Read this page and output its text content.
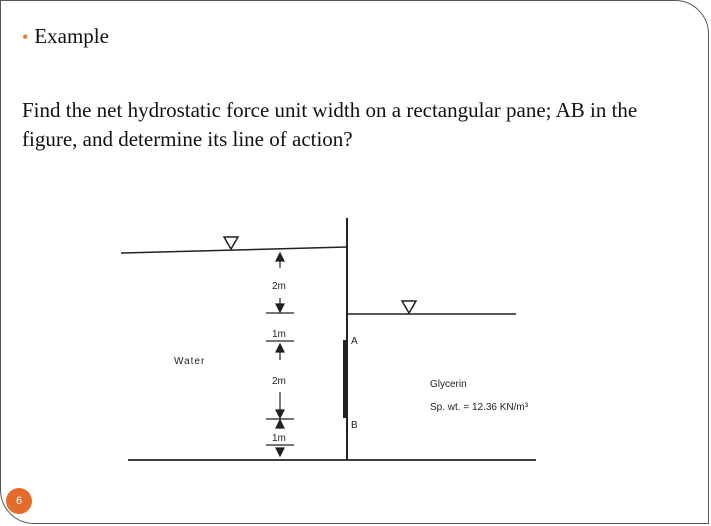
• Example
Find the net hydrostatic force unit width on a rectangular pane; AB in the figure, and determine its line of action?
2m
1m
2m
1m
Water
A
B
Glycerin
Sp. wt. = 12.36 KN/m³
6
